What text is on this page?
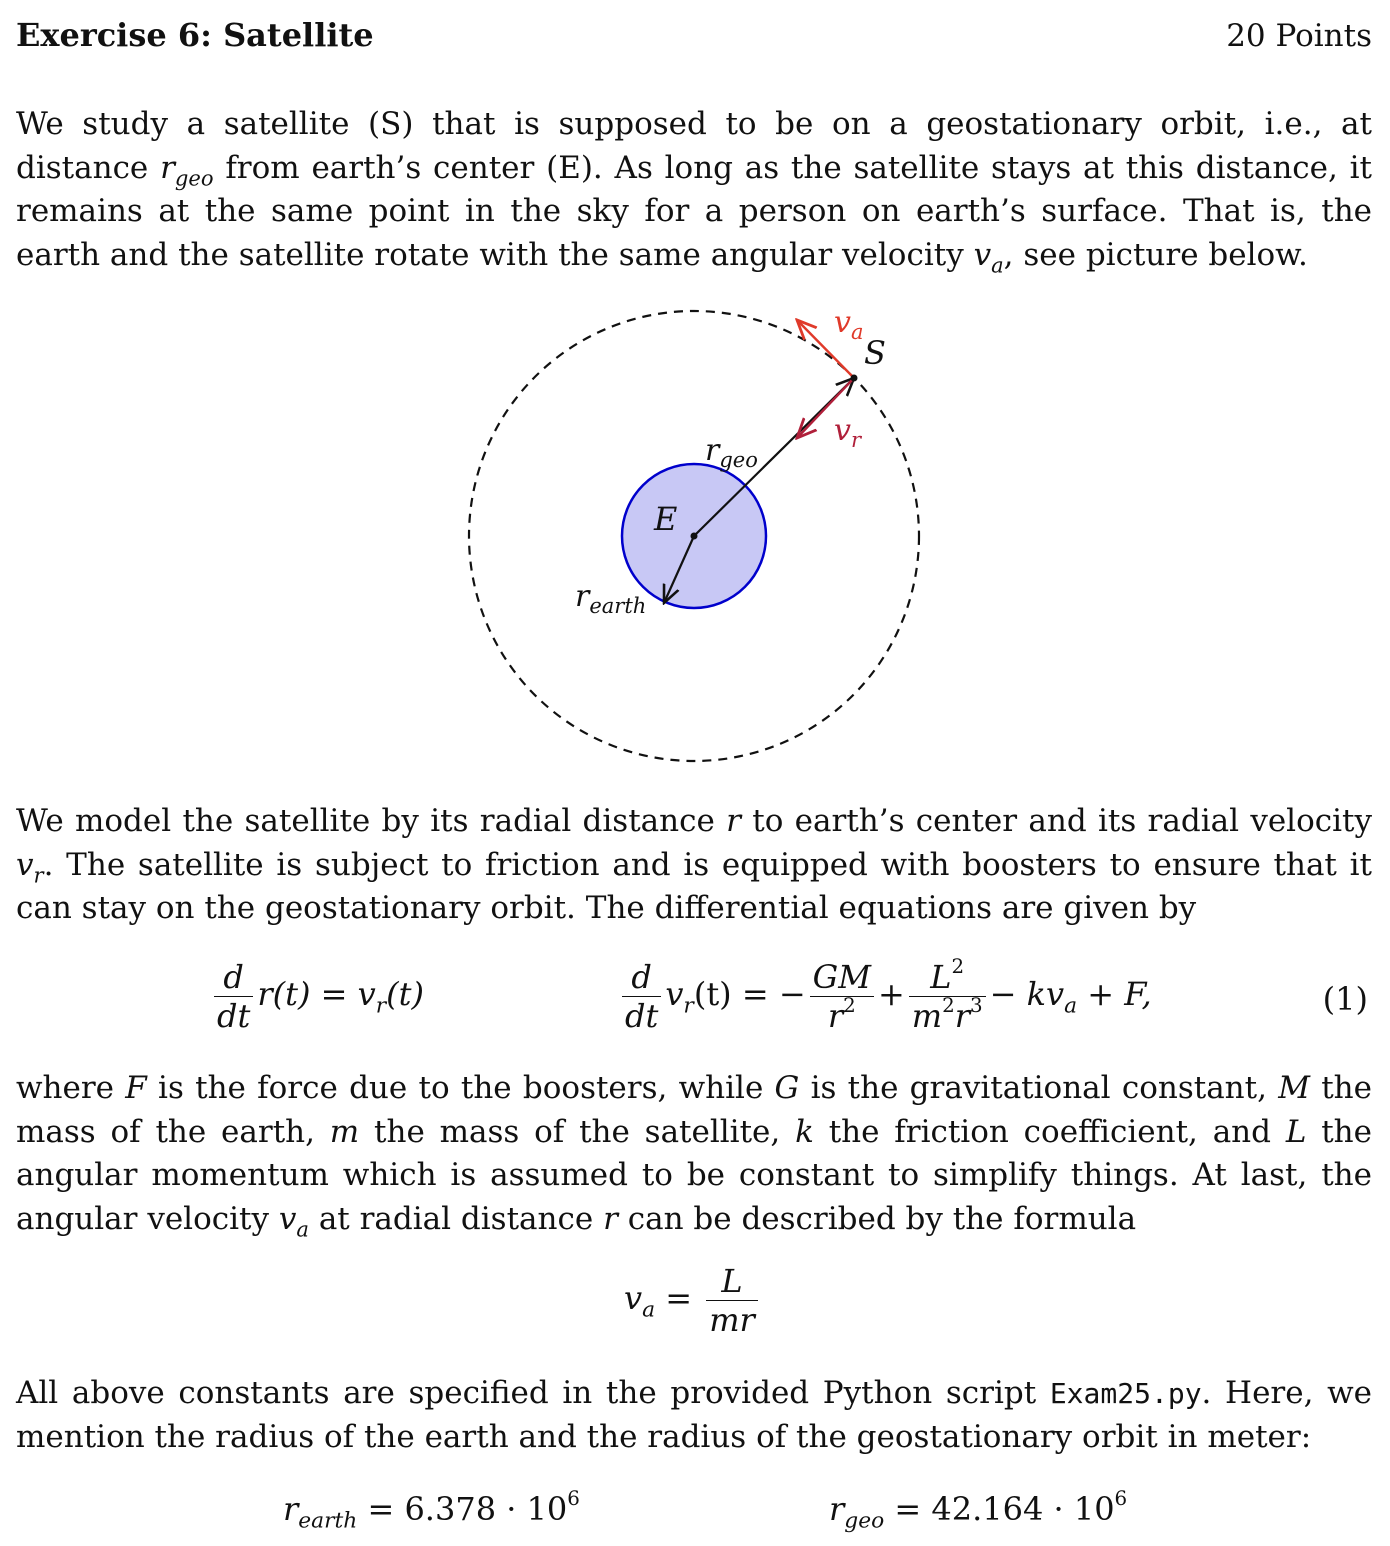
Exercise 6: Satellite	20 Points

We study a satellite (S) that is supposed to be on a geostationary orbit, i.e., at distance $r_{geo}$ from earth’s center (E). As long as the satellite stays at this distance, it remains at the same point in the sky for a person on earth’s surface. That is, the earth and the satellite rotate with the same angular velocity $v_a$, see picture below.

$v_a$
S
$v_r$
$r_{geo}$
E
$r_{earth}$

We model the satellite by its radial distance r to earth’s center and its radial velocity $v_r$. The satellite is subject to friction and is equipped with boosters to ensure that it can stay on the geostationary orbit. The differential equations are given by

$\frac{d}{dt} r(t) = v_r(t)$	$\frac{d}{dt} v_r(t)$ = − $\frac{GM}{r^2} + \frac{L^2}{m^2r^3} - kv_a + F$,	(1)

where F is the force due to the boosters, while G is the gravitational constant, M the mass of the earth, m the mass of the satellite, k the friction coefficient, and L the angular momentum which is assumed to be constant to simplify things. At last, the angular velocity $v_a$ at radial distance r can be described by the formula

$v_a = \frac{L}{mr}$

All above constants are specified in the provided Python script Exam25.py. Here, we mention the radius of the earth and the radius of the geostationary orbit in meter:

$r_{earth} = 6.378 \cdot 10^6$	$r_{geo} = 42.164 \cdot 10^6$
